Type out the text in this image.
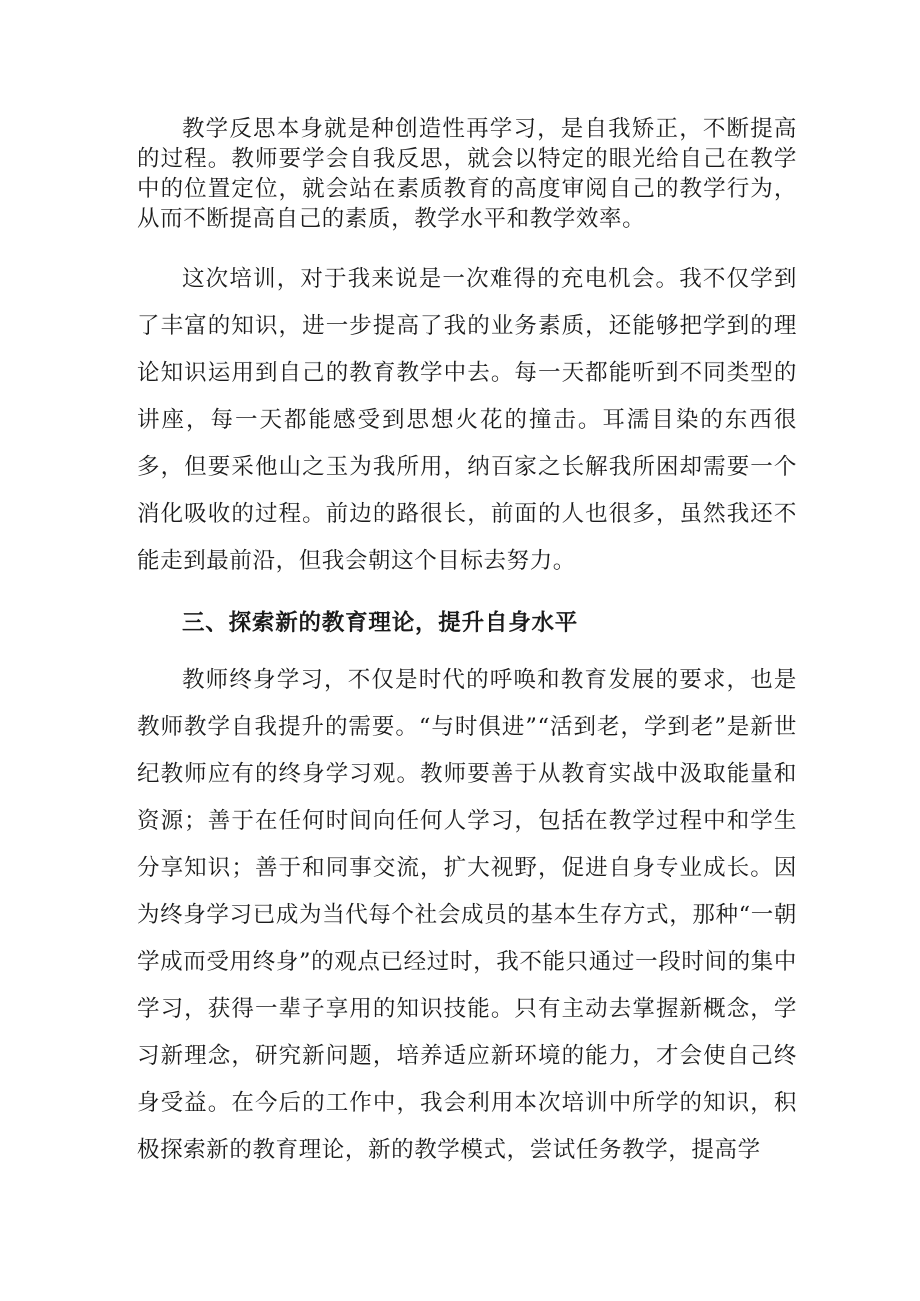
教学反思本身就是种创造性再学习，是自我矫正，不断提高的过程。教师要学会自我反思，就会以特定的眼光给自己在教学中的位置定位，就会站在素质教育的高度审阅自己的教学行为，从而不断提高自己的素质，教学水平和教学效率。

这次培训，对于我来说是一次难得的充电机会。我不仅学到了丰富的知识，进一步提高了我的业务素质，还能够把学到的理论知识运用到自己的教育教学中去。每一天都能听到不同类型的讲座，每一天都能感受到思想火花的撞击。耳濡目染的东西很多，但要采他山之玉为我所用，纳百家之长解我所困却需要一个消化吸收的过程。前边的路很长，前面的人也很多，虽然我还不能走到最前沿，但我会朝这个目标去努力。

三、探索新的教育理论，提升自身水平

教师终身学习，不仅是时代的呼唤和教育发展的要求，也是教师教学自我提升的需要。“与时俱进”“活到老，学到老”是新世纪教师应有的终身学习观。教师要善于从教育实战中汲取能量和资源；善于在任何时间向任何人学习，包括在教学过程中和学生分享知识；善于和同事交流，扩大视野，促进自身专业成长。因为终身学习已成为当代每个社会成员的基本生存方式，那种“一朝学成而受用终身”的观点已经过时，我不能只通过一段时间的集中学习，获得一辈子享用的知识技能。只有主动去掌握新概念，学习新理念，研究新问题，培养适应新环境的能力，才会使自己终身受益。在今后的工作中，我会利用本次培训中所学的知识，积极探索新的教育理论，新的教学模式，尝试任务教学，提高学
